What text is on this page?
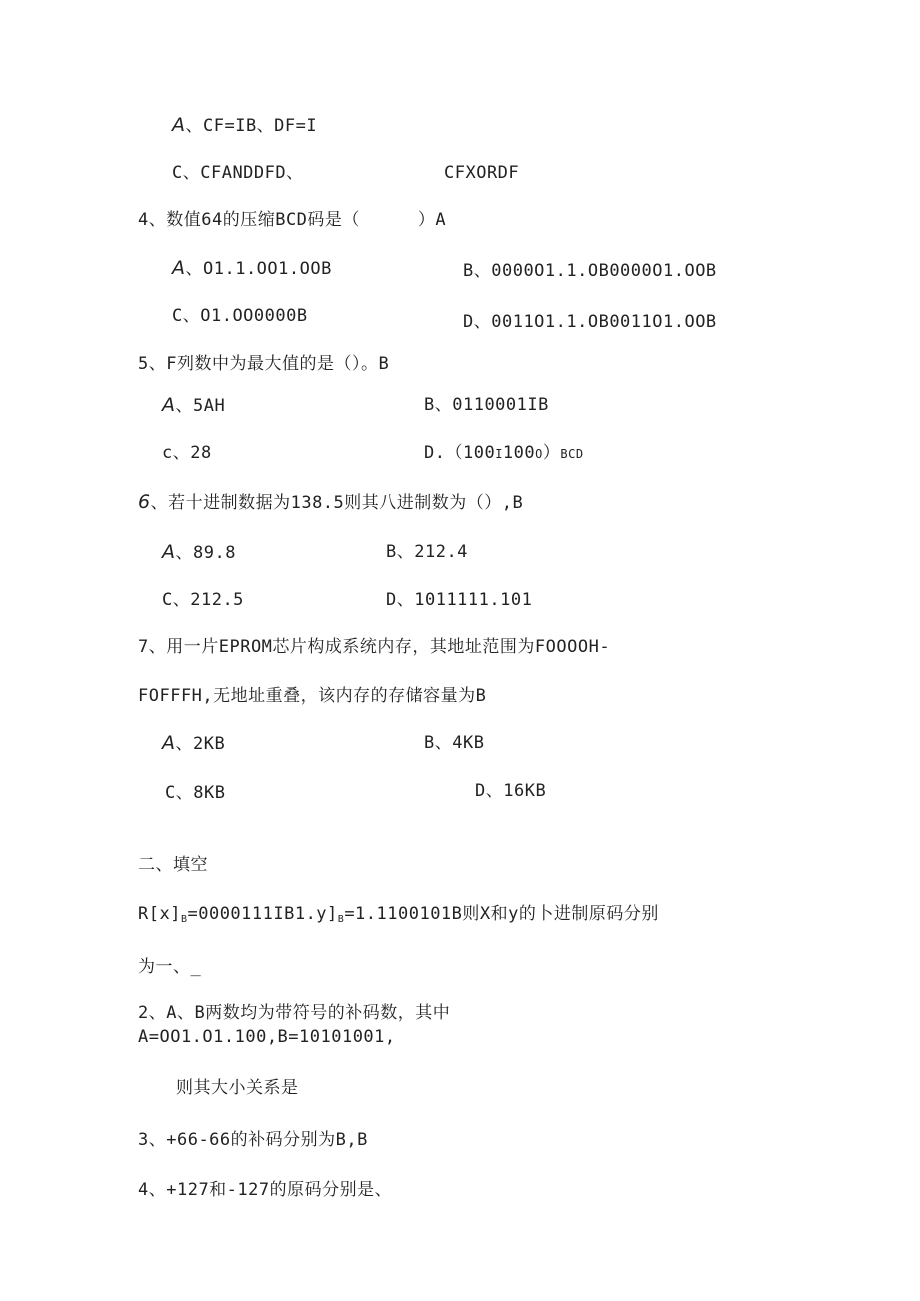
A、CF=IB、DF=I
C、CFANDDFD、	CFXORDF
4、数值64的压缩BCD码是（	）A
A、O1.1.OO1.OOB	B、0000O1.1.OB0000O1.OOB
C、O1.OO0000B	D、0011O1.1.OB0011O1.OOB
5、F列数中为最大值的是（）。B
A、5AH	B、0110001IB
c、28	D.（100I100O）BCD
6、若十进制数据为138.5则其八进制数为（）,B
A、89.8	B、212.4
C、212.5	D、1011111.101
7、用一片EPROM芯片构成系统内存，其地址范围为FOOOOH-
FOFFFH,无地址重叠，该内存的存储容量为B
A、2KB	B、4KB
C、8KB	D、16KB
二、填空
$R[x]_B=0000111IB1.y]_B=1.1100101B$则X和y的卜进制原码分别
为一、_
2、A、B两数均为带符号的补码数，其中
A=OO1.O1.100,B=10101001,
则其大小关系是
3、+66-66的补码分别为B,B
4、+127和-127的原码分别是、
